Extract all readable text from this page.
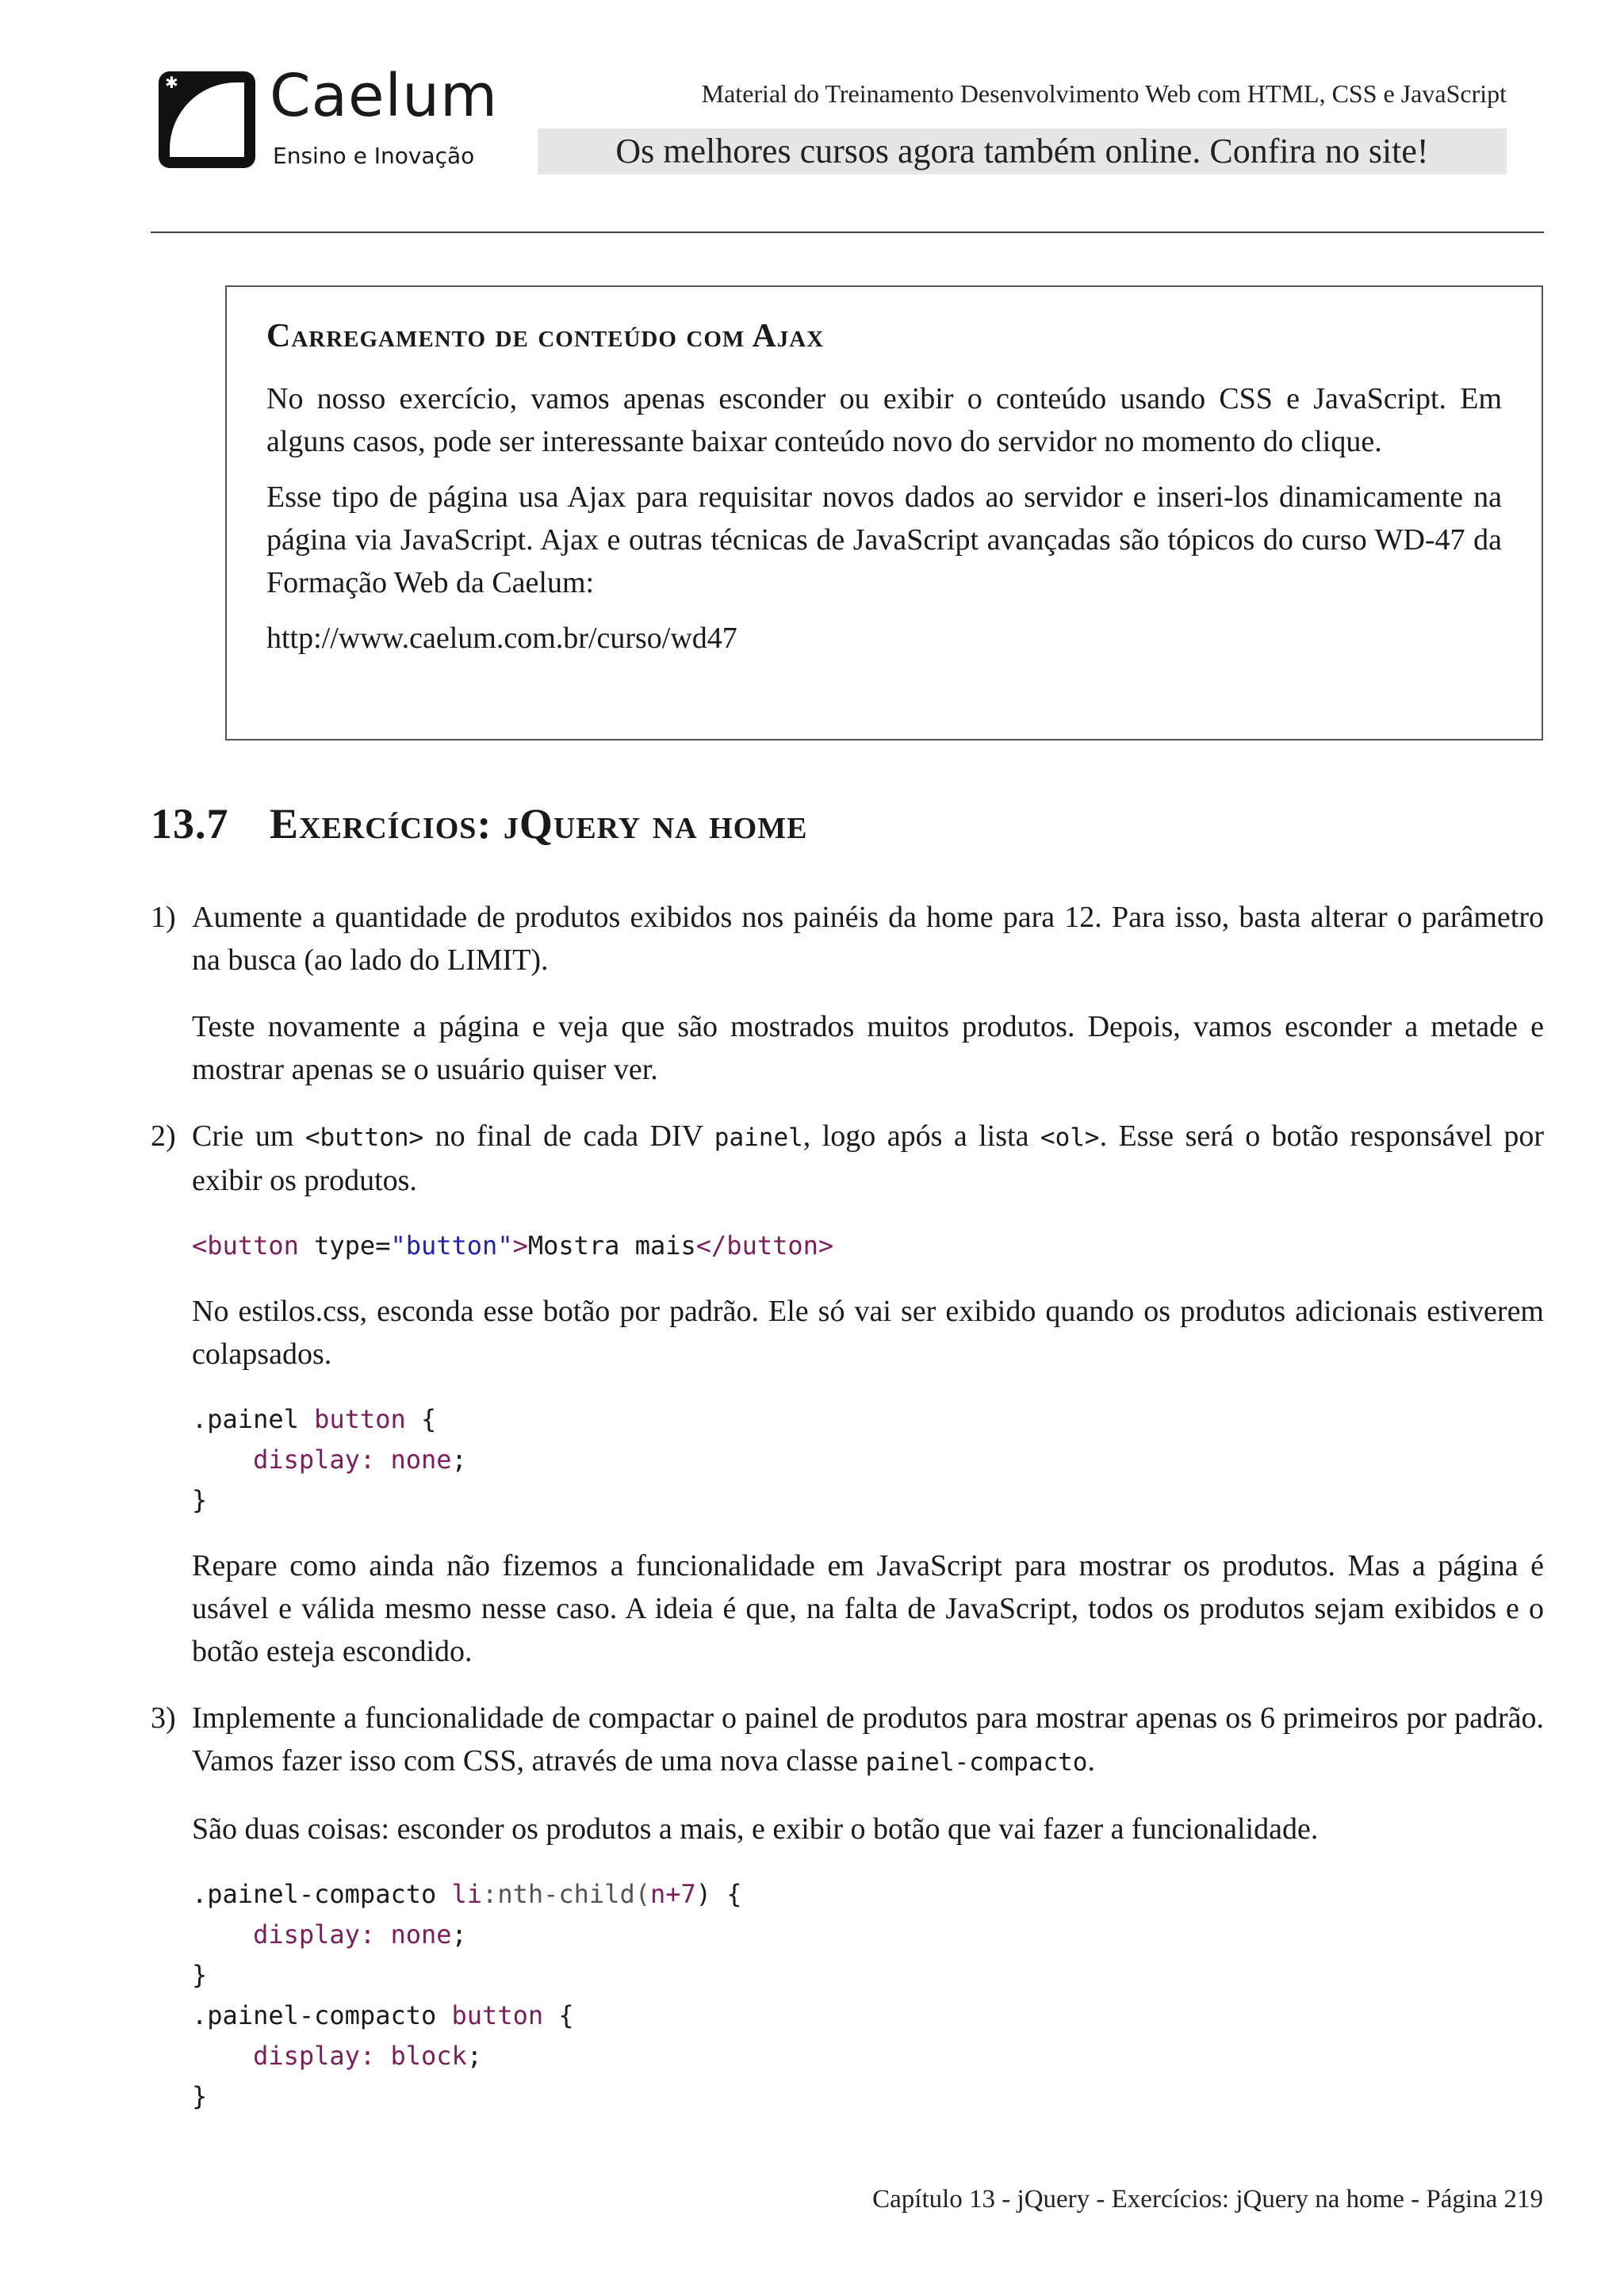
✱ Caelum
Ensino e Inovação
Material do Treinamento Desenvolvimento Web com HTML, CSS e JavaScript
Os melhores cursos agora também online. Confira no site!
Carregamento de conteúdo com Ajax

No nosso exercício, vamos apenas esconder ou exibir o conteúdo usando CSS e JavaScript. Em alguns casos, pode ser interessante baixar conteúdo novo do servidor no momento do clique.

Esse tipo de página usa Ajax para requisitar novos dados ao servidor e inseri-los dinamicamente na página via JavaScript. Ajax e outras técnicas de JavaScript avançadas são tópicos do curso WD-47 da Formação Web da Caelum:

http://www.caelum.com.br/curso/wd47

13.7 Exercícios: jQuery na home
1) Aumente a quantidade de produtos exibidos nos painéis da home para 12. Para isso, basta alterar o parâmetro na busca (ao lado do LIMIT).

Teste novamente a página e veja que são mostrados muitos produtos. Depois, vamos esconder a metade e mostrar apenas se o usuário quiser ver.

2) Crie um <button> no final de cada DIV painel, logo após a lista <ol>. Esse será o botão responsável por exibir os produtos.

<button type="button">Mostra mais</button>

No estilos.css, esconda esse botão por padrão. Ele só vai ser exibido quando os produtos adicionais estiverem colapsados.

.painel button {
display: none;
}

Repare como ainda não fizemos a funcionalidade em JavaScript para mostrar os produtos. Mas a página é usável e válida mesmo nesse caso. A ideia é que, na falta de JavaScript, todos os produtos sejam exibidos e o botão esteja escondido.

3) Implemente a funcionalidade de compactar o painel de produtos para mostrar apenas os 6 primeiros por padrão. Vamos fazer isso com CSS, através de uma nova classe painel-compacto.

São duas coisas: esconder os produtos a mais, e exibir o botão que vai fazer a funcionalidade.

.painel-compacto li:nth-child(n+7) {
display: none;
}
.painel-compacto button {
display: block;
}
Capítulo 13 - jQuery - Exercícios: jQuery na home - Página 219
